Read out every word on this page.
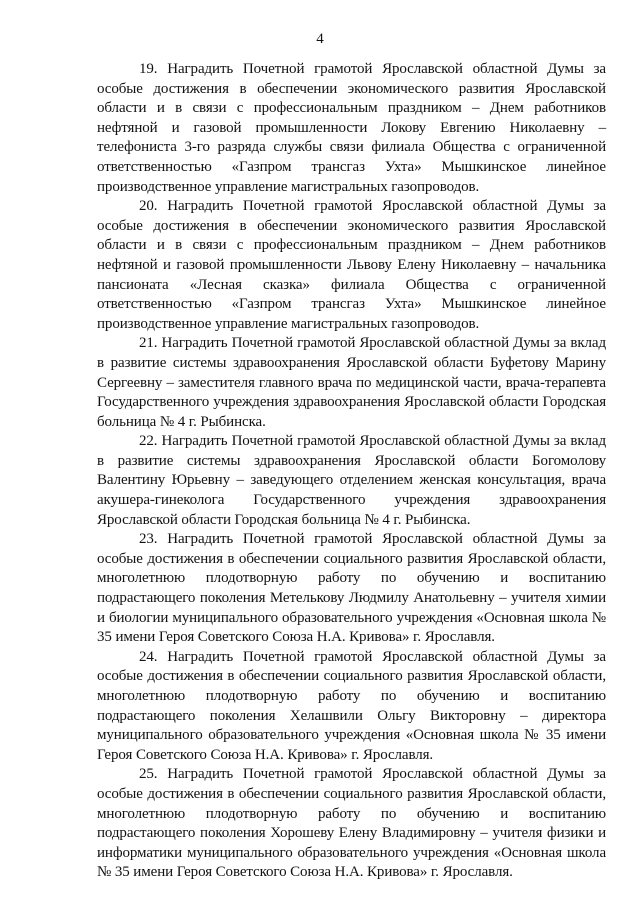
4

19. Наградить Почетной грамотой Ярославской областной Думы за особые достижения в обеспечении экономического развития Ярославской области и в связи с профессиональным праздником – Днем работников нефтяной и газовой промышленности Локову Евгению Николаевну – телефониста 3-го разряда службы связи филиала Общества с ограниченной ответственностью «Газпром трансгаз Ухта» Мышкинское линейное производственное управление магистральных газопроводов.

20. Наградить Почетной грамотой Ярославской областной Думы за особые достижения в обеспечении экономического развития Ярославской области и в связи с профессиональным праздником – Днем работников нефтяной и газовой промышленности Львову Елену Николаевну – начальника пансионата «Лесная сказка» филиала Общества с ограниченной ответственностью «Газпром трансгаз Ухта» Мышкинское линейное производственное управление магистральных газопроводов.

21. Наградить Почетной грамотой Ярославской областной Думы за вклад в развитие системы здравоохранения Ярославской области Буфетову Марину Сергеевну – заместителя главного врача по медицинской части, врача-терапевта Государственного учреждения здравоохранения Ярославской области Городская больница № 4 г. Рыбинска.

22. Наградить Почетной грамотой Ярославской областной Думы за вклад в развитие системы здравоохранения Ярославской области Богомолову Валентину Юрьевну – заведующего отделением женская консультация, врача акушера-гинеколога Государственного учреждения здравоохранения Ярославской области Городская больница № 4 г. Рыбинска.

23. Наградить Почетной грамотой Ярославской областной Думы за особые достижения в обеспечении социального развития Ярославской области, многолетнюю плодотворную работу по обучению и воспитанию подрастающего поколения Метелькову Людмилу Анатольевну – учителя химии и биологии муниципального образовательного учреждения «Основная школа № 35 имени Героя Советского Союза Н.А. Кривова» г. Ярославля.

24. Наградить Почетной грамотой Ярославской областной Думы за особые достижения в обеспечении социального развития Ярославской области, многолетнюю плодотворную работу по обучению и воспитанию подрастающего поколения Хелашвили Ольгу Викторовну – директора муниципального образовательного учреждения «Основная школа № 35 имени Героя Советского Союза Н.А. Кривова» г. Ярославля.

25. Наградить Почетной грамотой Ярославской областной Думы за особые достижения в обеспечении социального развития Ярославской области, многолетнюю плодотворную работу по обучению и воспитанию подрастающего поколения Хорошеву Елену Владимировну – учителя физики и информатики муниципального образовательного учреждения «Основная школа № 35 имени Героя Советского Союза Н.А. Кривова» г. Ярославля.
